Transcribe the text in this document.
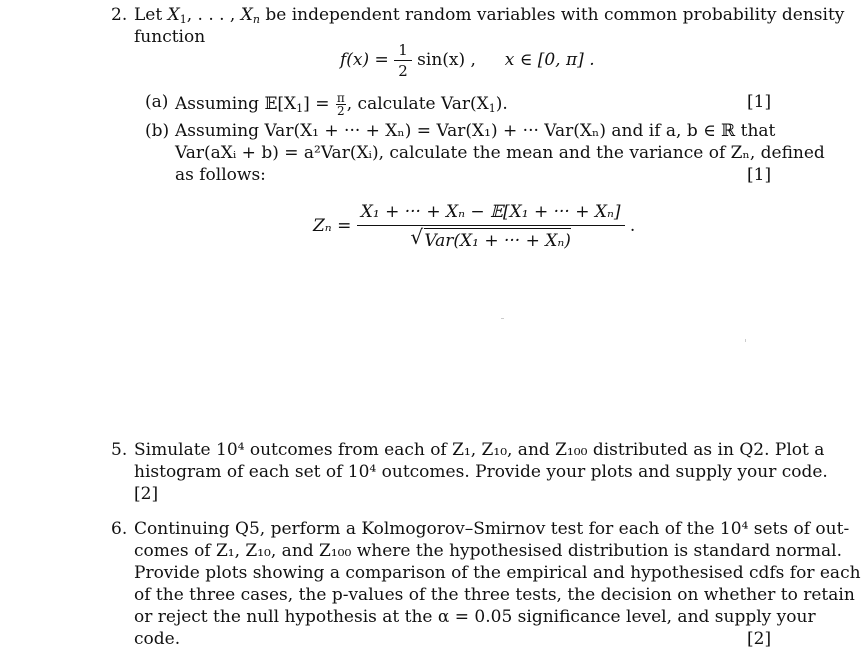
2. Let $X_1$, . . . , $X_n$ be independent random variables with common probability density
function
$f(x) = \frac{1}{2} \sin(x)$ , x ∈ [0, π] .
(a) Assuming $𝔼[X_1] = \frac{\pi}{2}$ , calculate $Var(X_1)$.	[1]
(b) Assuming Var(X₁ + ··· + Xₙ) = Var(X₁) + ··· Var(Xₙ) and if a, b ∈ ℝ that
Var(aXᵢ + b) = a²Var(Xᵢ), calculate the mean and the variance of Zₙ, defined
as follows:	[1]
$Z_n = \frac{\text{X₁ + ··· + Xₙ − 𝔼[X₁ + ··· + Xₙ]}}{\text{√ Var(X₁ + ··· + Xₙ)}}$ .
5. Simulate 10⁴ outcomes from each of Z₁, Z₁₀, and Z₁₀₀ distributed as in Q2. Plot a
histogram of each set of 10⁴ outcomes. Provide your plots and supply your code.
[2]
6. Continuing Q5, perform a Kolmogorov–Smirnov test for each of the 10⁴ sets of out-
comes of Z₁, Z₁₀, and Z₁₀₀ where the hypothesised distribution is standard normal.
Provide plots showing a comparison of the empirical and hypothesised cdfs for each
of the three cases, the p-values of the three tests, the decision on whether to retain
or reject the null hypothesis at the α = 0.05 significance level, and supply your
code.	[2]
